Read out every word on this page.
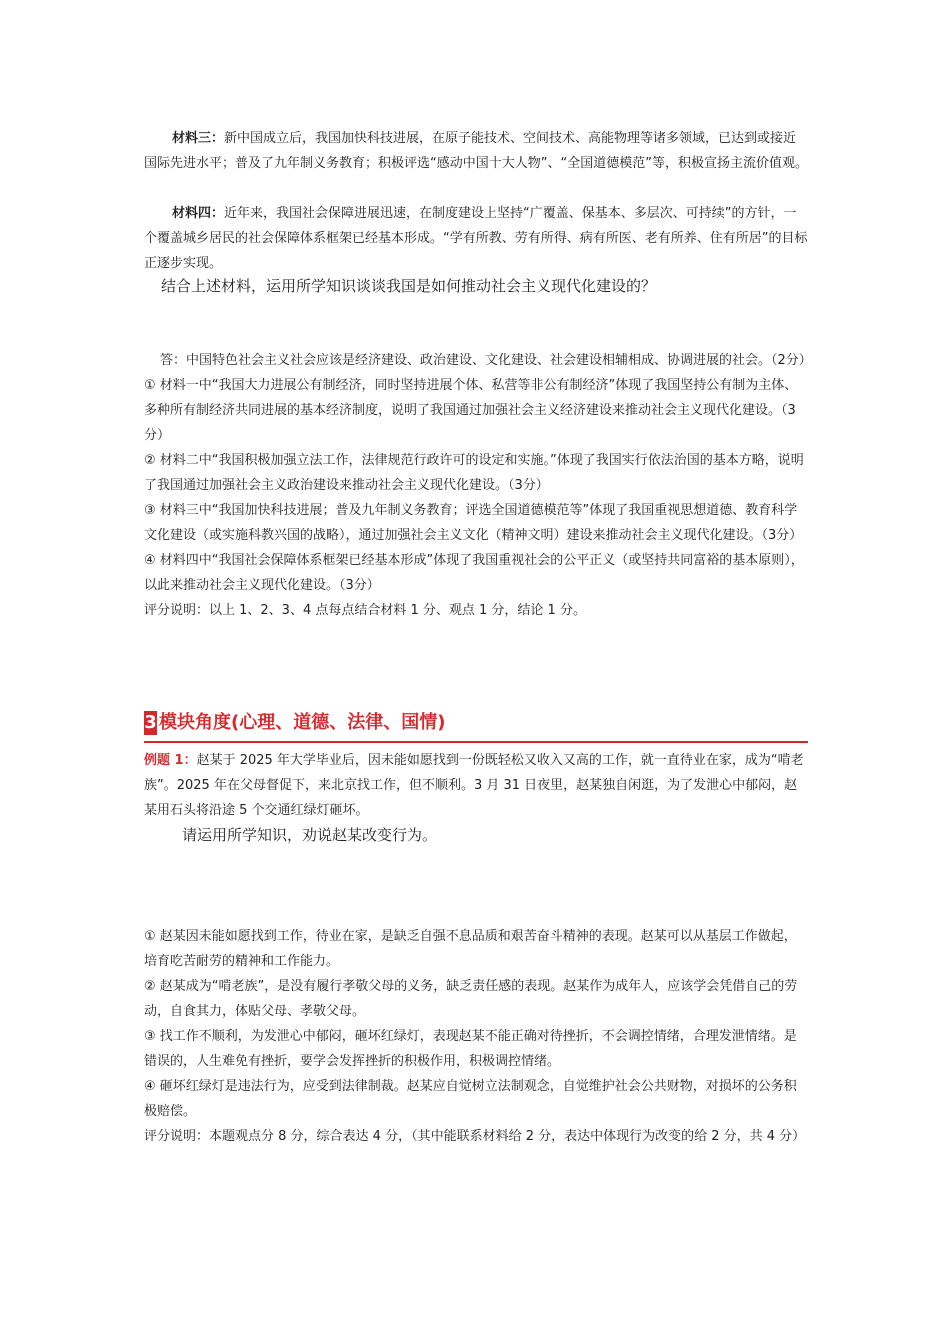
材料三：新中国成立后，我国加快科技进展，在原子能技术、空间技术、高能物理等诸多领域，已达到或接近国际先进水平；普及了九年制义务教育；积极评选“感动中国十大人物”、“全国道德模范”等，积极宣扬主流价值观。

材料四：近年来，我国社会保障进展迅速，在制度建设上坚持“广覆盖、保基本、多层次、可持续”的方针，一个覆盖城乡居民的社会保障体系框架已经基本形成。“学有所教、劳有所得、病有所医、老有所养、住有所居”的目标正逐步实现。

结合上述材料，运用所学知识谈谈我国是如何推动社会主义现代化建设的？

答：中国特色社会主义社会应该是经济建设、政治建设、文化建设、社会建设相辅相成、协调进展的社会。（2分）

① 材料一中“我国大力进展公有制经济，同时坚持进展个体、私营等非公有制经济”体现了我国坚持公有制为主体、多种所有制经济共同进展的基本经济制度，说明了我国通过加强社会主义经济建设来推动社会主义现代化建设。（3分）

② 材料二中“我国积极加强立法工作，法律规范行政许可的设定和实施。”体现了我国实行依法治国的基本方略，说明了我国通过加强社会主义政治建设来推动社会主义现代化建设。（3分）

③ 材料三中“我国加快科技进展；普及九年制义务教育；评选全国道德模范等”体现了我国重视思想道德、教育科学文化建设（或实施科教兴国的战略），通过加强社会主义文化（精神文明）建设来推动社会主义现代化建设。（3分）

④ 材料四中“我国社会保障体系框架已经基本形成”体现了我国重视社会的公平正义（或坚持共同富裕的基本原则），以此来推动社会主义现代化建设。（3分）

评分说明：以上 1、2、3、4 点每点结合材料 1 分、观点 1 分，结论 1 分。

3 模块角度(心理、道德、法律、国情)

例题 1：赵某于 2025 年大学毕业后，因未能如愿找到一份既轻松又收入又高的工作，就一直待业在家，成为“啃老族”。2025 年在父母督促下，来北京找工作，但不顺利。3 月 31 日夜里，赵某独自闲逛，为了发泄心中郁闷，赵某用石头将沿途 5 个交通红绿灯砸坏。

请运用所学知识，劝说赵某改变行为。

① 赵某因未能如愿找到工作，待业在家，是缺乏自强不息品质和艰苦奋斗精神的表现。赵某可以从基层工作做起，培育吃苦耐劳的精神和工作能力。

② 赵某成为“啃老族”，是没有履行孝敬父母的义务，缺乏责任感的表现。赵某作为成年人，应该学会凭借自己的劳动，自食其力，体贴父母、孝敬父母。

③ 找工作不顺利，为发泄心中郁闷，砸坏红绿灯，表现赵某不能正确对待挫折，不会调控情绪，合理发泄情绪。是错误的，人生难免有挫折，要学会发挥挫折的积极作用，积极调控情绪。

④ 砸坏红绿灯是违法行为，应受到法律制裁。赵某应自觉树立法制观念，自觉维护社会公共财物，对损坏的公务积极赔偿。

评分说明：本题观点分 8 分，综合表达 4 分，（其中能联系材料给 2 分，表达中体现行为改变的给 2 分，共 4 分）
